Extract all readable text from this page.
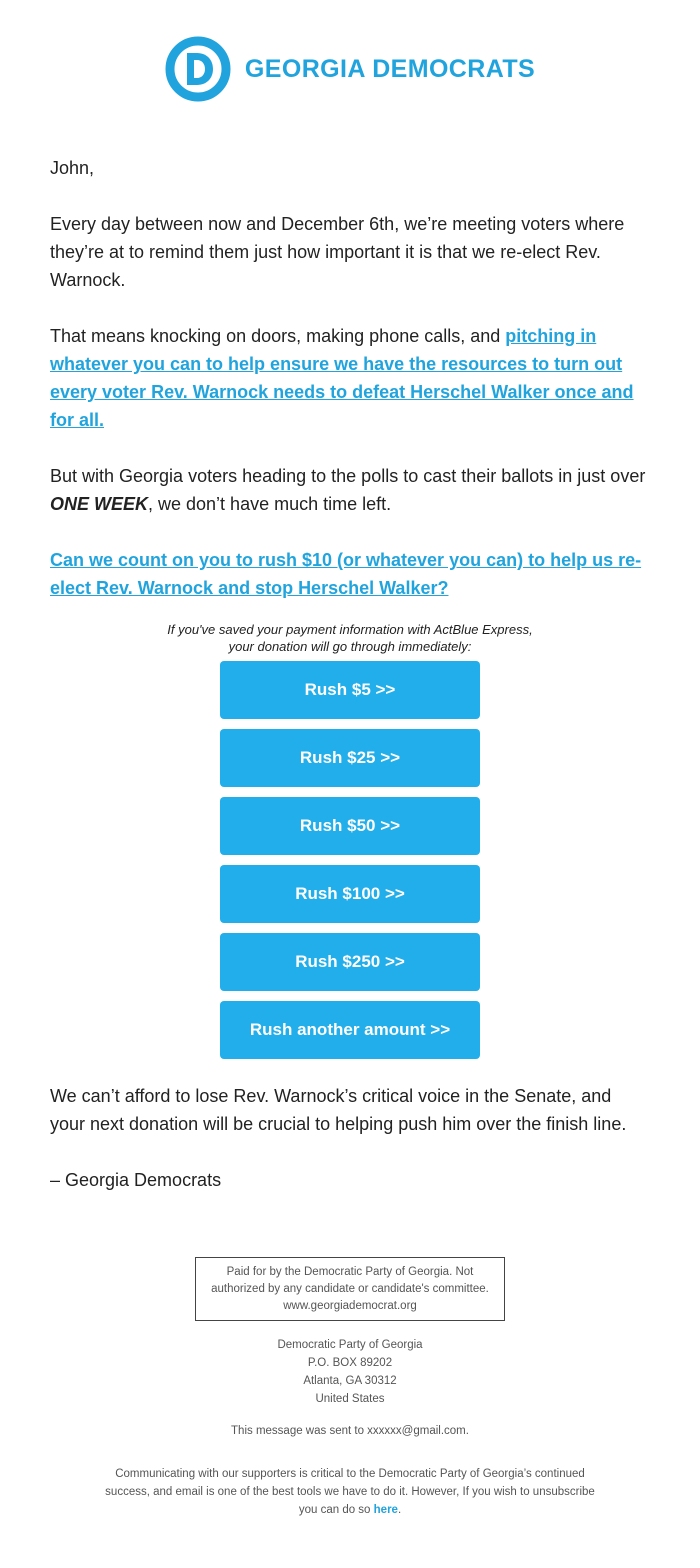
GEORGIA DEMOCRATS

John,

Every day between now and December 6th, we’re meeting voters where they’re at to remind them just how important it is that we re-elect Rev. Warnock.

That means knocking on doors, making phone calls, and pitching in whatever you can to help ensure we have the resources to turn out every voter Rev. Warnock needs to defeat Herschel Walker once and for all.

But with Georgia voters heading to the polls to cast their ballots in just over ONE WEEK, we don’t have much time left.

Can we count on you to rush $10 (or whatever you can) to help us re-elect Rev. Warnock and stop Herschel Walker?

If you've saved your payment information with ActBlue Express,
your donation will go through immediately:
Rush $5 >>
Rush $25 >>
Rush $50 >>
Rush $100 >>
Rush $250 >>
Rush another amount >>

We can’t afford to lose Rev. Warnock’s critical voice in the Senate, and your next donation will be crucial to helping push him over the finish line.

– Georgia Democrats

Paid for by the Democratic Party of Georgia. Not
authorized by any candidate or candidate's committee.
www.georgiademocrat.org
Democratic Party of Georgia
P.O. BOX 89202
Atlanta, GA 30312
United States
This message was sent to xxxxxx@gmail.com.
Communicating with our supporters is critical to the Democratic Party of Georgia’s continued success, and email is one of the best tools we have to do it. However, If you wish to unsubscribe you can do so here.
